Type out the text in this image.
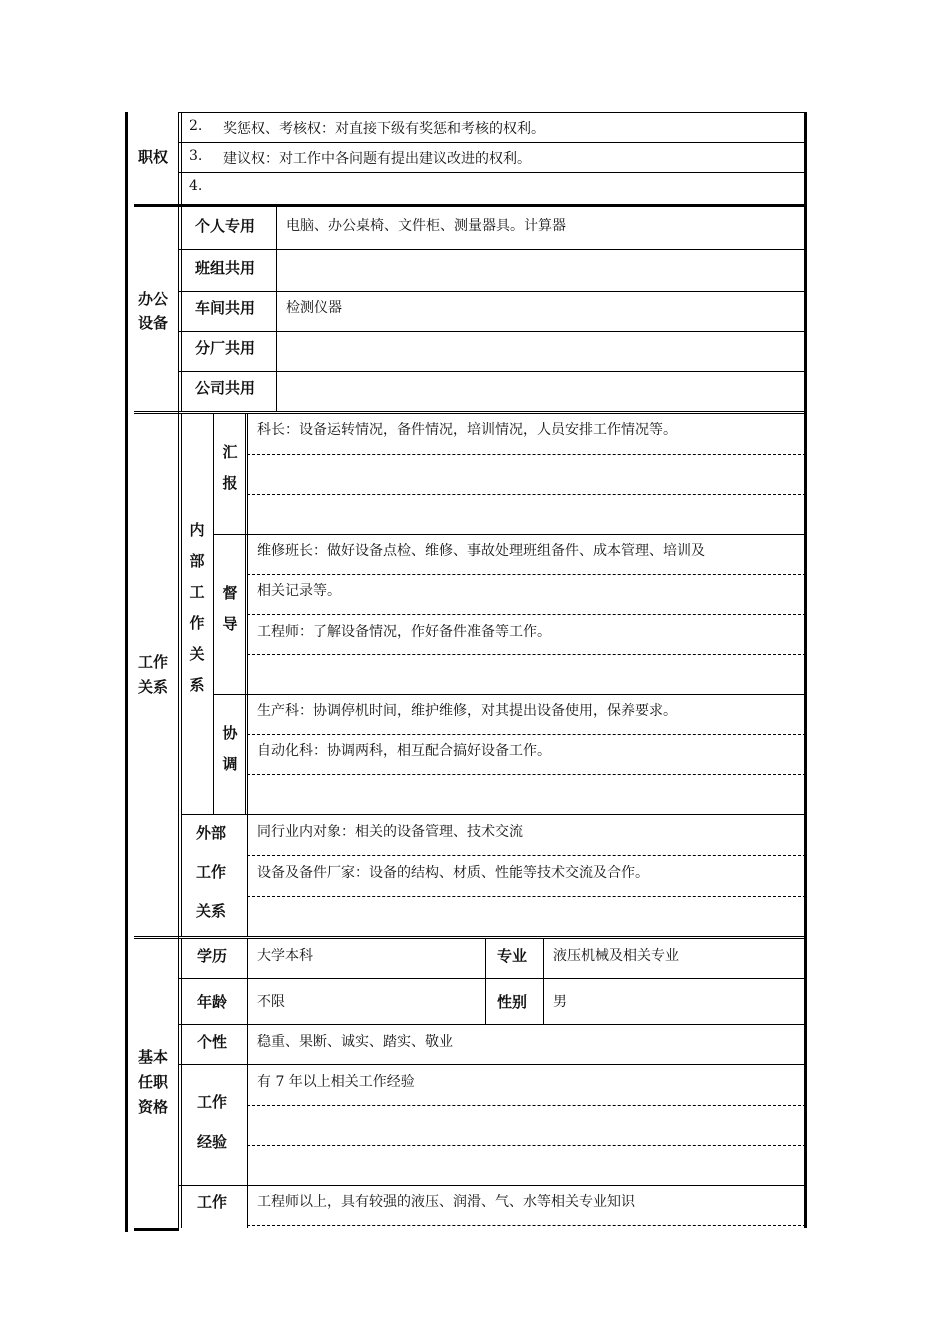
职权
2. 奖惩权、考核权：对直接下级有奖惩和考核的权利。
3. 建议权：对工作中各问题有提出建议改进的权利。
4.
办公
设备
个人专用 电脑、办公桌椅、文件柜、测量器具。计算器
班组共用
车间共用 检测仪器
分厂共用
公司共用
工作
关系
内
部
工
作
关
系
汇
报
科长：设备运转情况，备件情况，培训情况，人员安排工作情况等。
督
导
维修班长：做好设备点检、维修、事故处理班组备件、成本管理、培训及
相关记录等。
工程师：了解设备情况，作好备件准备等工作。
协
调
生产科：协调停机时间，维护维修，对其提出设备使用，保养要求。
自动化科：协调两科，相互配合搞好设备工作。
外部
工作
关系
同行业内对象：相关的设备管理、技术交流
设备及备件厂家：设备的结构、材质、性能等技术交流及合作。
基本
任职
资格
学历 大学本科	专业 液压机械及相关专业
年龄 不限	性别 男
个性 稳重、果断、诚实、踏实、敬业
工作
经验
有 7 年以上相关工作经验
工作 工程师以上，具有较强的液压、润滑、气、水等相关专业知识
